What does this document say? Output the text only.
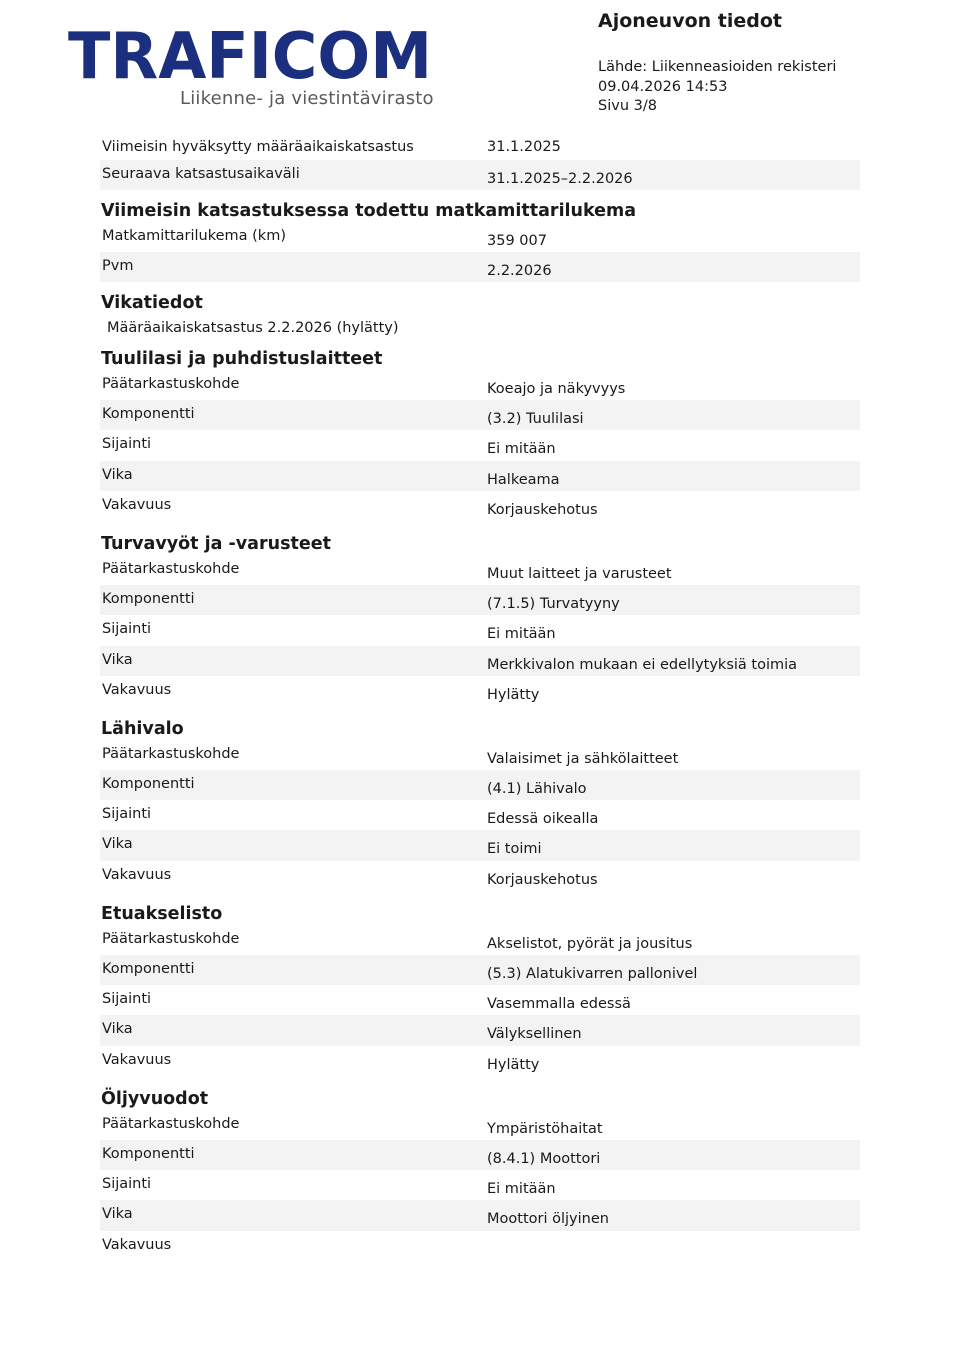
TRAFICOM
Liikenne- ja viestintävirasto
Ajoneuvon tiedot
Lähde: Liikenneasioiden rekisteri
09.04.2026 14:53
Sivu 3/8
Viimeisin hyväksytty määräaikaiskatsastus	31.1.2025
Seuraava katsastusaikaväli	31.1.2025–2.2.2026
Viimeisin katsastuksessa todettu matkamittarilukema
Matkamittarilukema (km)	359 007
Pvm	2.2.2026
Vikatiedot
Määräaikaiskatsastus 2.2.2026 (hylätty)
Tuulilasi ja puhdistuslaitteet
Päätarkastuskohde	Koeajo ja näkyvyys
Komponentti	(3.2) Tuulilasi
Sijainti	Ei mitään
Vika	Halkeama
Vakavuus	Korjauskehotus
Turvavyöt ja -varusteet
Päätarkastuskohde	Muut laitteet ja varusteet
Komponentti	(7.1.5) Turvatyyny
Sijainti	Ei mitään
Vika	Merkkivalon mukaan ei edellytyksiä toimia
Vakavuus	Hylätty
Lähivalo
Päätarkastuskohde	Valaisimet ja sähkölaitteet
Komponentti	(4.1) Lähivalo
Sijainti	Edessä oikealla
Vika	Ei toimi
Vakavuus	Korjauskehotus
Etuakselisto
Päätarkastuskohde	Akselistot, pyörät ja jousitus
Komponentti	(5.3) Alatukivarren pallonivel
Sijainti	Vasemmalla edessä
Vika	Välyksellinen
Vakavuus	Hylätty
Öljyvuodot
Päätarkastuskohde	Ympäristöhaitat
Komponentti	(8.4.1) Moottori
Sijainti	Ei mitään
Vika	Moottori öljyinen
Vakavuus
